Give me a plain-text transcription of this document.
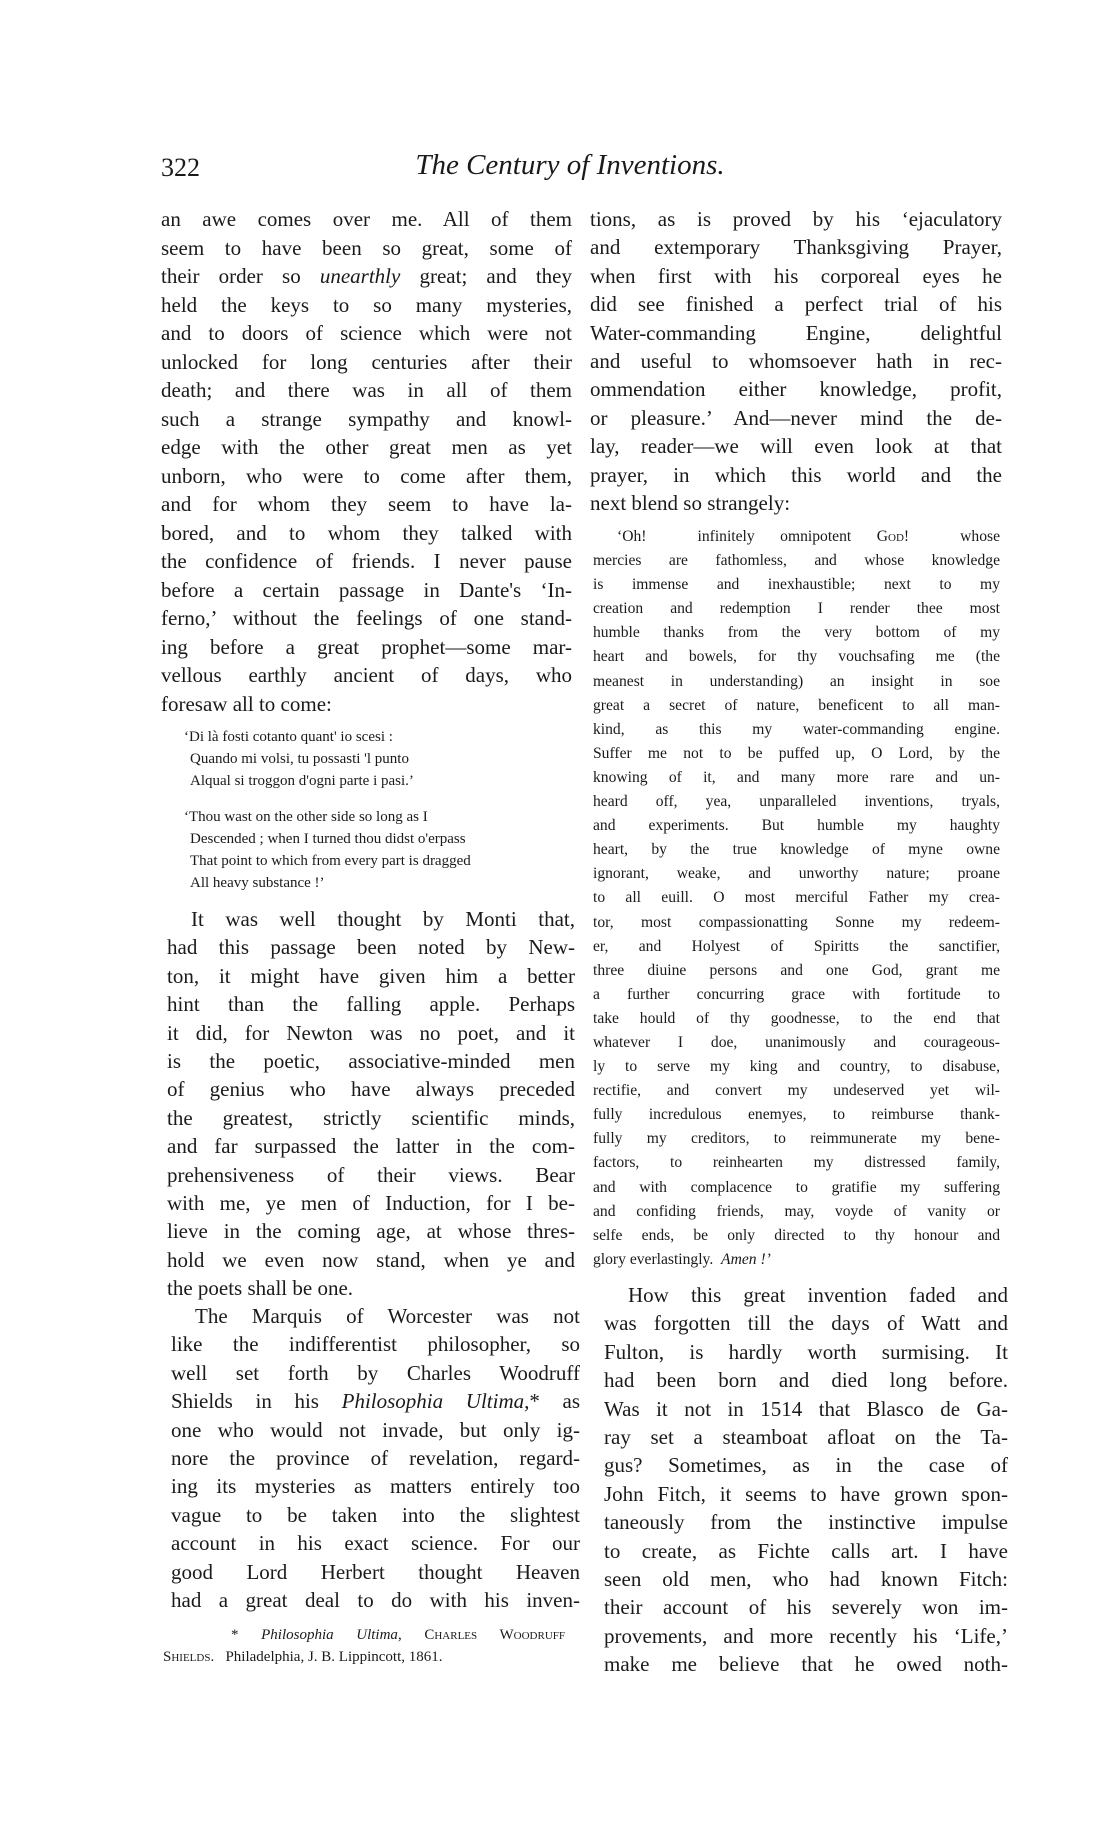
322	The Century of Inventions.
an awe comes over me. All of them
seem to have been so great, some of
their order so unearthly great; and they
held the keys to so many mysteries,
and to doors of science which were not
unlocked for long centuries after their
death; and there was in all of them
such a strange sympathy and knowl-
edge with the other great men as yet
unborn, who were to come after them,
and for whom they seem to have la-
bored, and to whom they talked with
the confidence of friends. I never pause
before a certain passage in Dante's ‘In-
ferno,’ without the feelings of one stand-
ing before a great prophet—some mar-
vellous earthly ancient of days, who
foresaw all to come:
‘Di là fosti cotanto quant' io scesi :
Quando mi volsi, tu possasti 'l punto
Alqual si troggon d'ogni parte i pasi.’
‘Thou wast on the other side so long as I
Descended ; when I turned thou didst o'erpass
That point to which from every part is dragged
All heavy substance !’
It was well thought by Monti that,
had this passage been noted by New-
ton, it might have given him a better
hint than the falling apple. Perhaps
it did, for Newton was no poet, and it
is the poetic, associative-minded men
of genius who have always preceded
the greatest, strictly scientific minds,
and far surpassed the latter in the com-
prehensiveness of their views. Bear
with me, ye men of Induction, for I be-
lieve in the coming age, at whose thres-
hold we even now stand, when ye and
the poets shall be one.
The Marquis of Worcester was not
like the indifferentist philosopher, so
well set forth by Charles Woodruff
Shields in his Philosophia Ultima,* as
one who would not invade, but only ig-
nore the province of revelation, regard-
ing its mysteries as matters entirely too
vague to be taken into the slightest
account in his exact science. For our
good Lord Herbert thought Heaven
had a great deal to do with his inven-
* Philosophia Ultima, Charles Woodruff
Shields.   Philadelphia, J. B. Lippincott, 1861.
tions, as is proved by his ‘ejaculatory
and extemporary Thanksgiving Prayer,
when first with his corporeal eyes he
did see finished a perfect trial of his
Water-commanding Engine, delightful
and useful to whomsoever hath in rec-
ommendation either knowledge, profit,
or pleasure.’ And—never mind the de-
lay, reader—we will even look at that
prayer, in which this world and the
next blend so strangely:
‘Oh!  infinitely omnipotent God!  whose
mercies are fathomless, and whose knowledge
is immense and inexhaustible; next to my
creation and redemption I render thee most
humble thanks from the very bottom of my
heart and bowels, for thy vouchsafing me (the
meanest in understanding) an insight in soe
great a secret of nature, beneficent to all man-
kind, as this my water-commanding engine.
Suffer me not to be puffed up, O Lord, by the
knowing of it, and many more rare and un-
heard off, yea, unparalleled inventions, tryals,
and experiments. But humble my haughty
heart, by the true knowledge of myne owne
ignorant, weake, and unworthy nature; proane
to all euill. O most merciful Father my crea-
tor, most compassionatting Sonne my redeem-
er, and Holyest of Spiritts the sanctifier,
three diuine persons and one God, grant me
a further concurring grace with fortitude to
take hould of thy goodnesse, to the end that
whatever I doe, unanimously and courageous-
ly to serve my king and country, to disabuse,
rectifie, and convert my undeserved yet wil-
fully incredulous enemyes, to reimburse thank-
fully my creditors, to reimmunerate my bene-
factors, to reinhearten my distressed family,
and with complacence to gratifie my suffering
and confiding friends, may, voyde of vanity or
selfe ends, be only directed to thy honour and
glory everlastingly.  Amen !’
How this great invention faded and
was forgotten till the days of Watt and
Fulton, is hardly worth surmising. It
had been born and died long before.
Was it not in 1514 that Blasco de Ga-
ray set a steamboat afloat on the Ta-
gus? Sometimes, as in the case of
John Fitch, it seems to have grown spon-
taneously from the instinctive impulse
to create, as Fichte calls art. I have
seen old men, who had known Fitch:
their account of his severely won im-
provements, and more recently his ‘Life,’
make me believe that he owed noth-
